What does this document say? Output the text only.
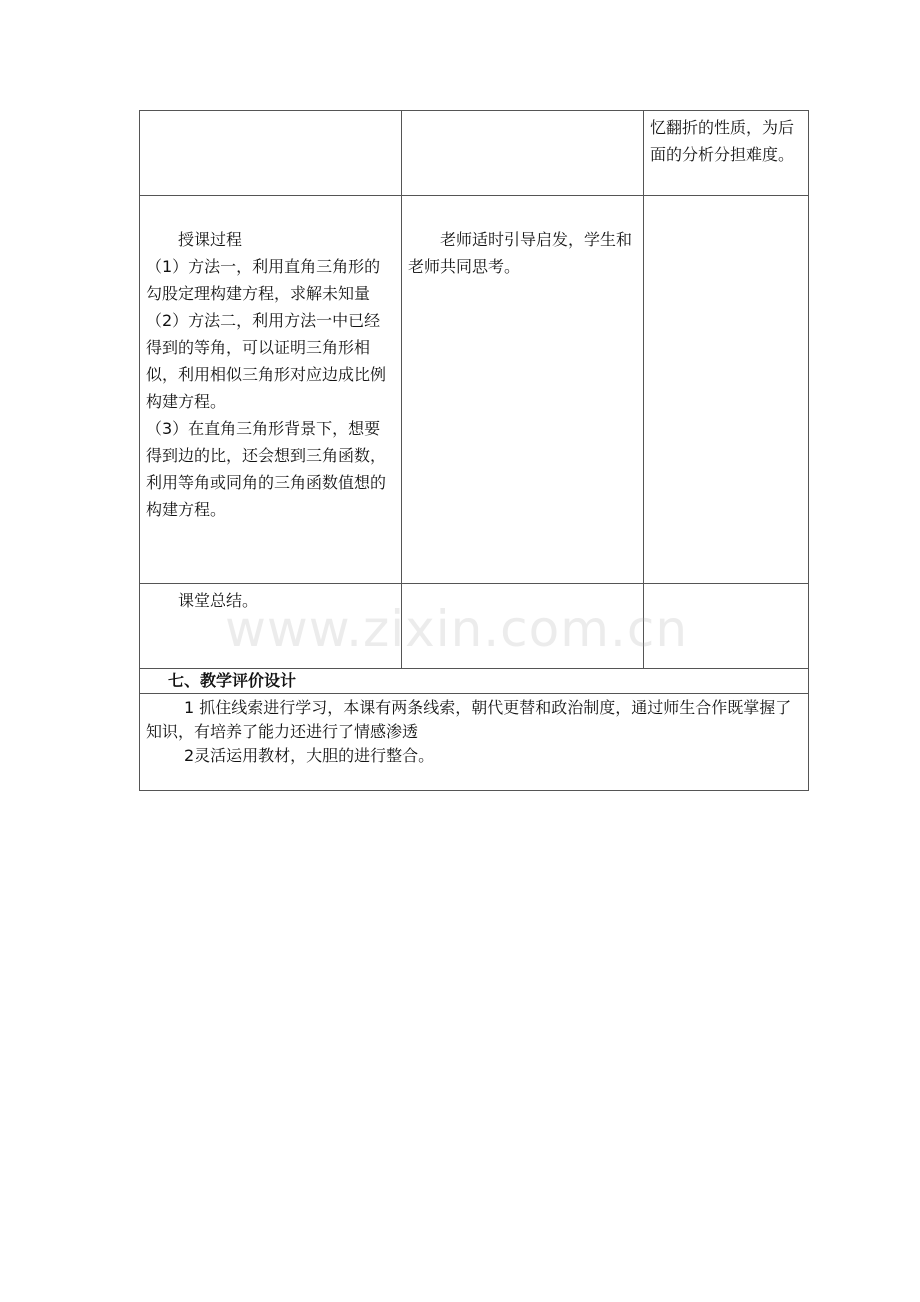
		忆翻折的性质，为后面的分析分担难度。

授课过程

（1）方法一，利用直角三角形的勾股定理构建方程，求解未知量

（2）方法二，利用方法一中已经得到的等角，可以证明三角形相似，利用相似三角形对应边成比例构建方程。

（3）在直角三角形背景下，想要得到边的比，还会想到三角函数，利用等角或同角的三角函数值想的构建方程。	老师适时引导启发，学生和老师共同思考。	

课堂总结。		

七、教学评价设计		

1 抓住线索进行学习，本课有两条线索，朝代更替和政治制度，通过师生合作既掌握了知识，有培养了能力还进行了情感渗透

2灵活运用教材，大胆的进行整合。		

www.zixin.com.cn
